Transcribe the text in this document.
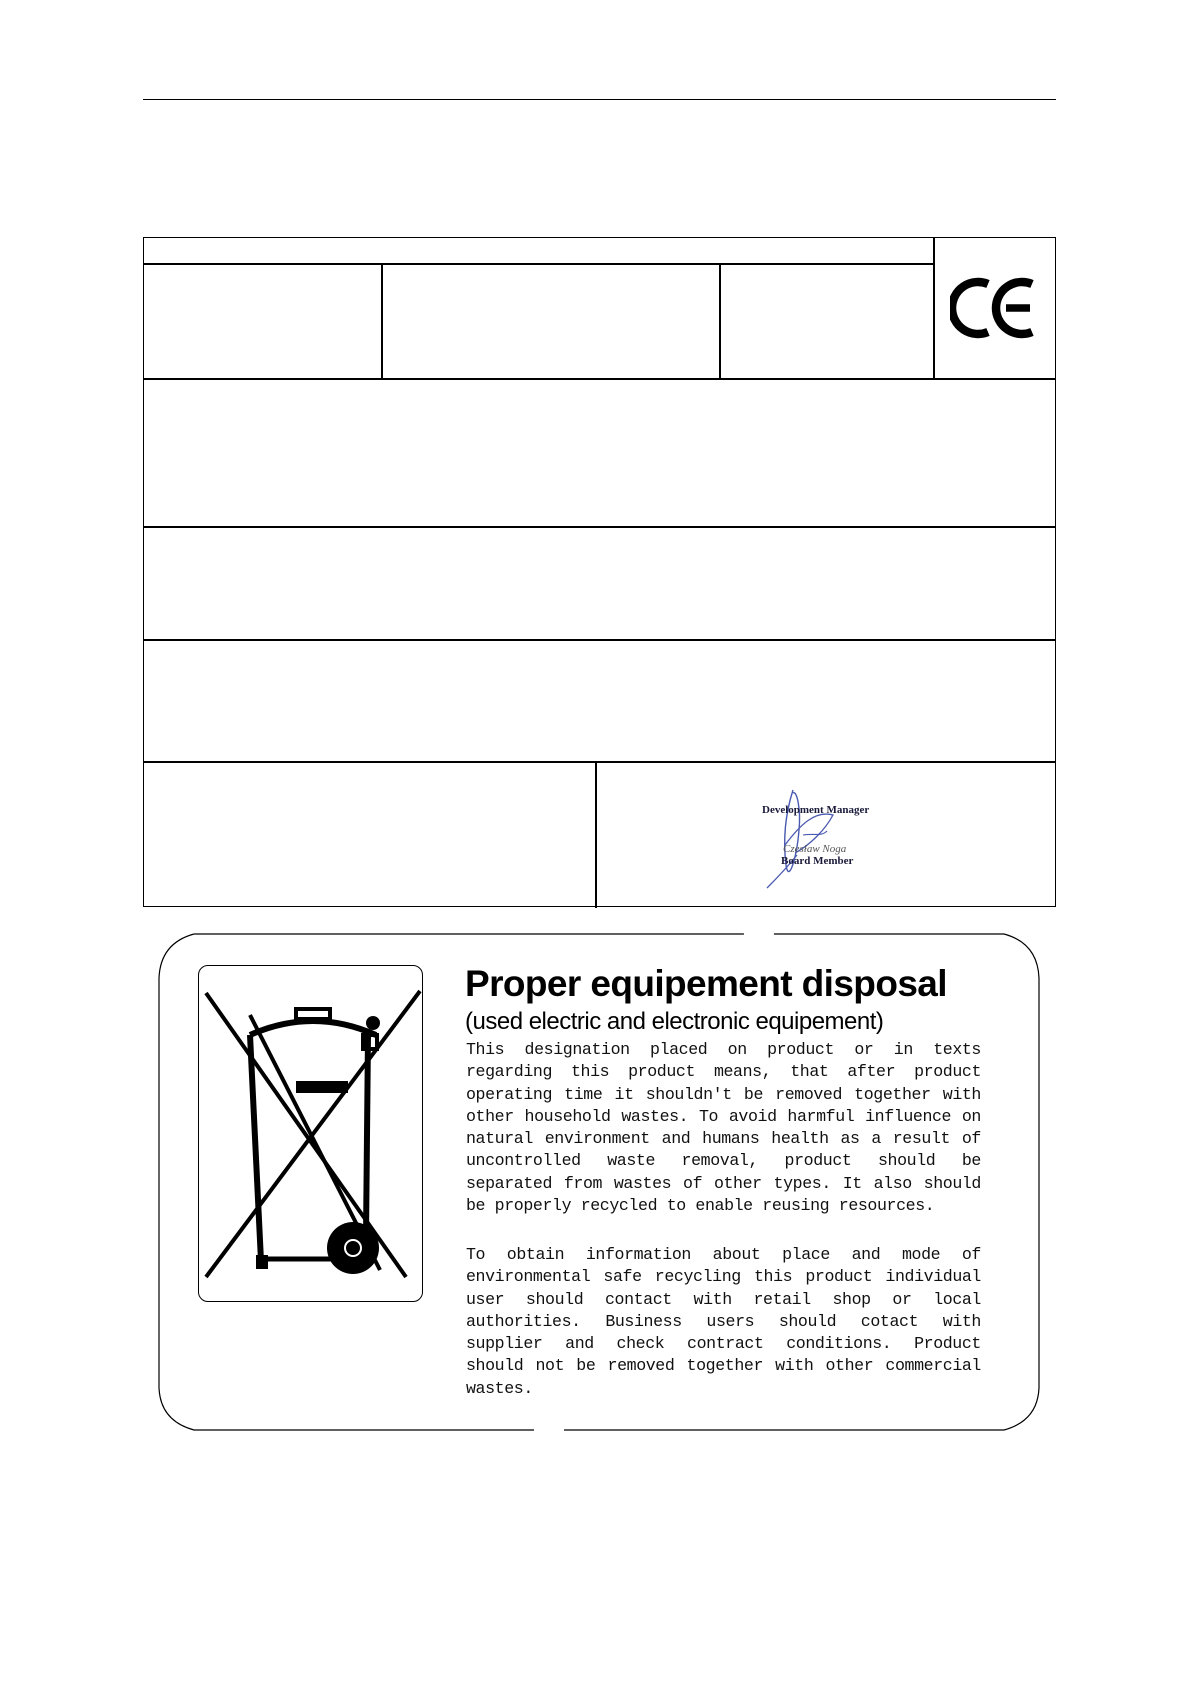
Development Manager
Czesław Noga
Board Member
Proper equipement disposal
(used electric and electronic equipement)

This designation placed on product or in texts regarding this product means, that after product operating time it shouldn't be removed together with other household wastes. To avoid harmful influence on natural environment and humans health as a result of uncontrolled waste removal, product should be separated from wastes of other types. It also should be properly recycled to enable reusing resources.

To obtain information about place and mode of environmental safe recycling this product individual user should contact with retail shop or local authorities. Business users should cotact with supplier and check contract conditions. Product should not be removed together with other commercial wastes.
